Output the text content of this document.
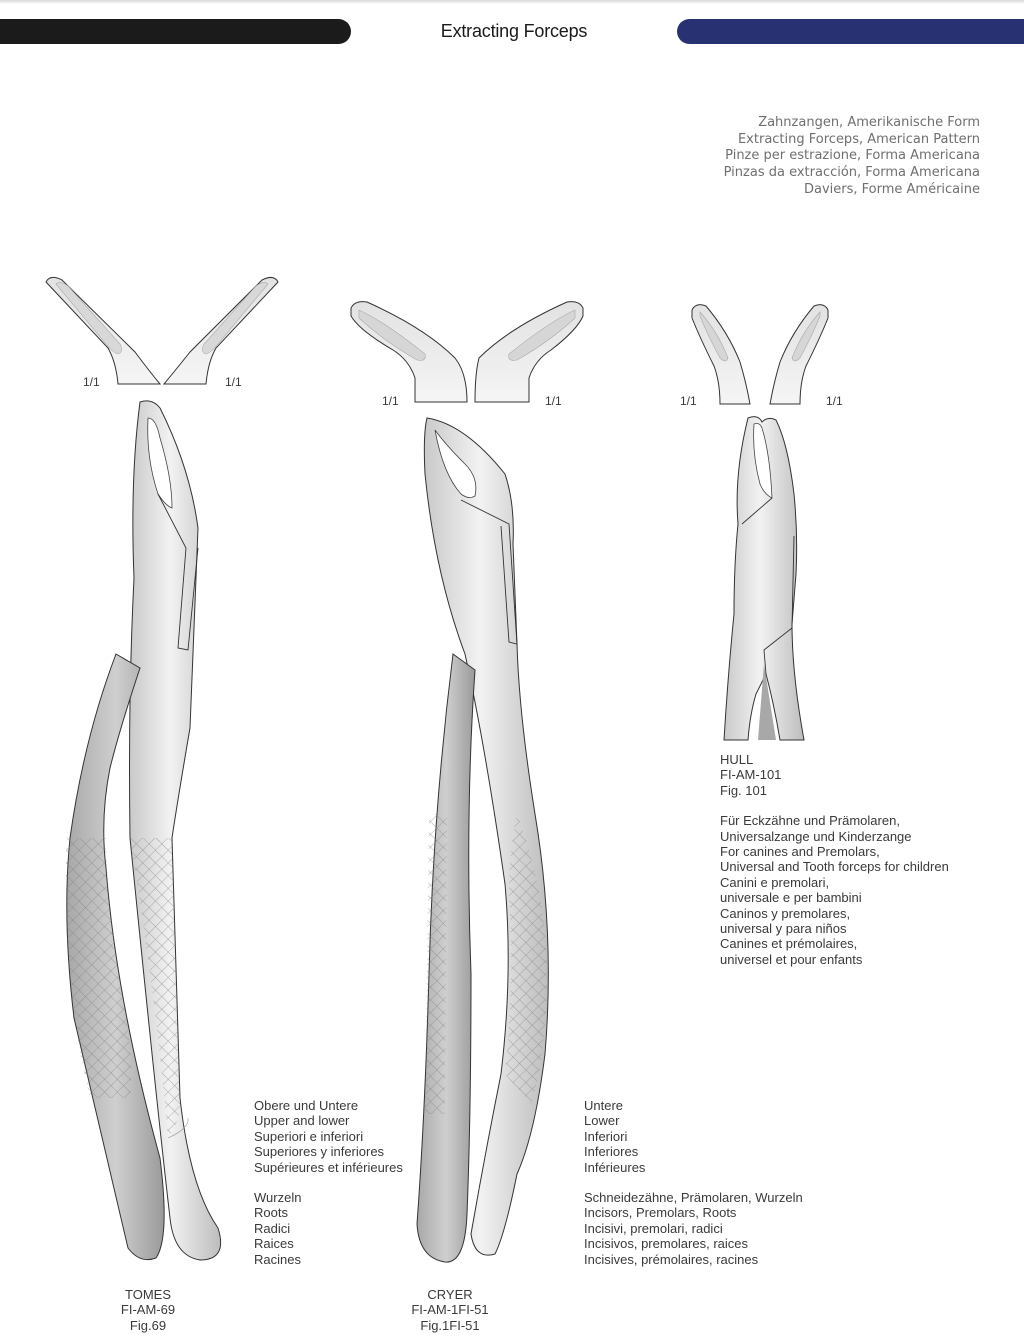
Extracting Forceps
Zahnzangen, Amerikanische Form
Extracting Forceps, American Pattern
Pinze per estrazione, Forma Americana
Pinzas da extracción, Forma Americana
Daviers, Forme Américaine
1/1	1/1
Obere und Untere
Upper and lower
Superiori e inferiori
Superiores y inferiores
Supérieures et inférieures
Wurzeln
Roots
Radici
Raices
Racines
TOMES
FI-AM-69
Fig.69
1/1	1/1
Untere
Lower
Inferiori
Inferiores
Inférieures
Schneidezähne, Prämolaren, Wurzeln
Incisors, Premolars, Roots
Incisivi, premolari, radici
Incisivos, premolares, raices
Incisives, prémolaires, racines
CRYER
FI-AM-1FI-51
Fig.1FI-51
1/1	1/1
HULL
FI-AM-101
Fig. 101
Für Eckzähne und Prämolaren,
Universalzange und Kinderzange
For canines and Premolars,
Universal and Tooth forceps for children
Canini e premolari,
universale e per bambini
Caninos y premolares,
universal y para niños
Canines et prémolaires,
universel et pour enfants
